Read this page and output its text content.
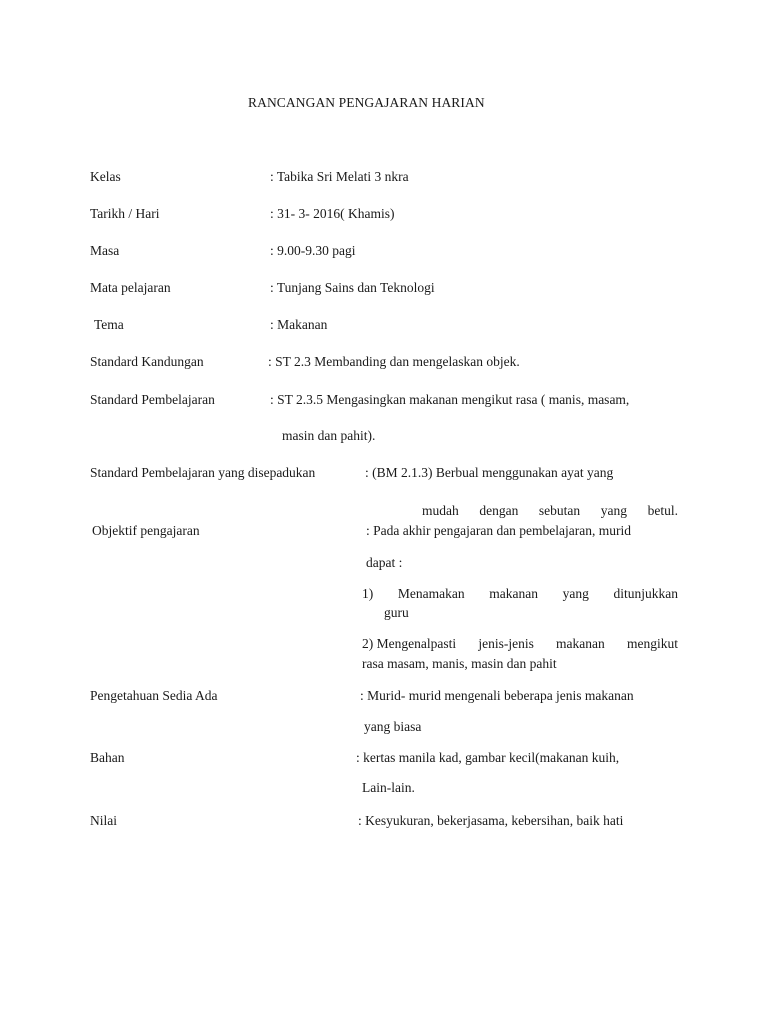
RANCANGAN PENGAJARAN HARIAN
Kelas	: Tabika Sri Melati 3 nkra
Tarikh / Hari	: 31- 3- 2016( Khamis)
Masa	: 9.00-9.30 pagi
Mata pelajaran	: Tunjang Sains dan Teknologi
Tema	: Makanan
Standard Kandungan	: ST 2.3 Membanding dan mengelaskan objek.
Standard Pembelajaran	: ST 2.3.5 Mengasingkan makanan mengikut rasa ( manis, masam,
masin dan pahit).
Standard Pembelajaran yang disepadukan	: (BM 2.1.3) Berbual menggunakan ayat yang
mudah dengan sebutan yang betul.
Objektif pengajaran	: Pada akhir pengajaran dan pembelajaran, murid
dapat :
1) Menamakan makanan yang ditunjukkan
guru
2) Mengenalpasti jenis-jenis makanan mengikut
rasa masam, manis, masin dan pahit
Pengetahuan Sedia Ada	: Murid- murid mengenali beberapa jenis makanan
yang biasa
Bahan	: kertas manila kad, gambar kecil(makanan kuih,
Lain-lain.
Nilai	: Kesyukuran, bekerjasama, kebersihan, baik hati
